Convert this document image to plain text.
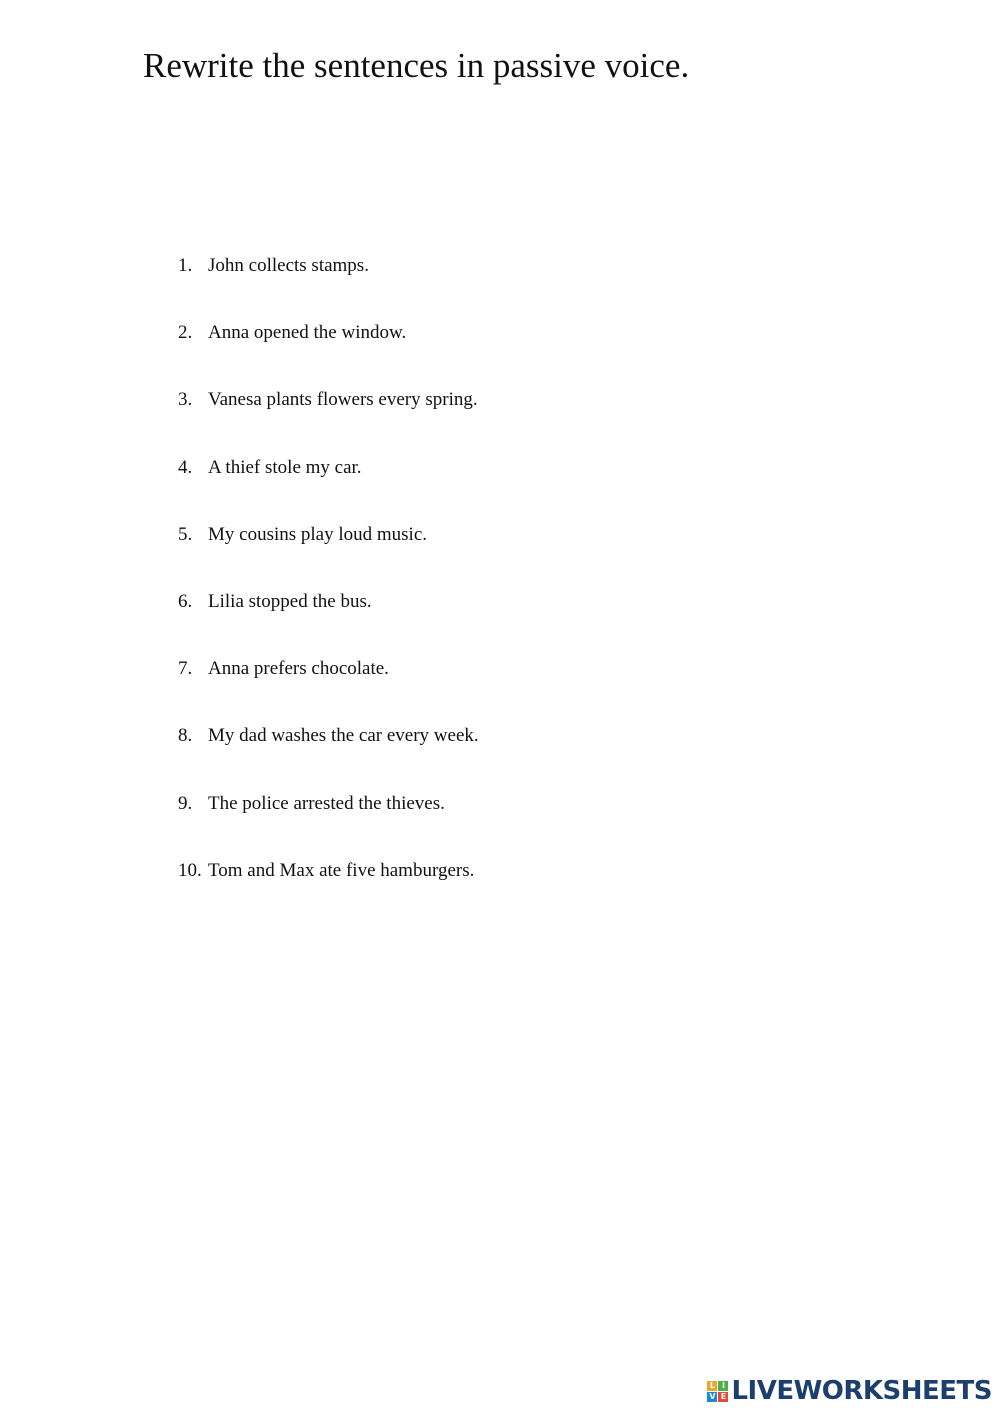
Rewrite the sentences in passive voice.
1. John collects stamps.
2. Anna opened the window.
3. Vanesa plants flowers every spring.
4. A thief stole my car.
5. My cousins play loud music.
6. Lilia stopped the bus.
7. Anna prefers chocolate.
8. My dad washes the car every week.
9. The police arrested the thieves.
10. Tom and Max ate five hamburgers.
L I
V E LIVEWORKSHEETS
